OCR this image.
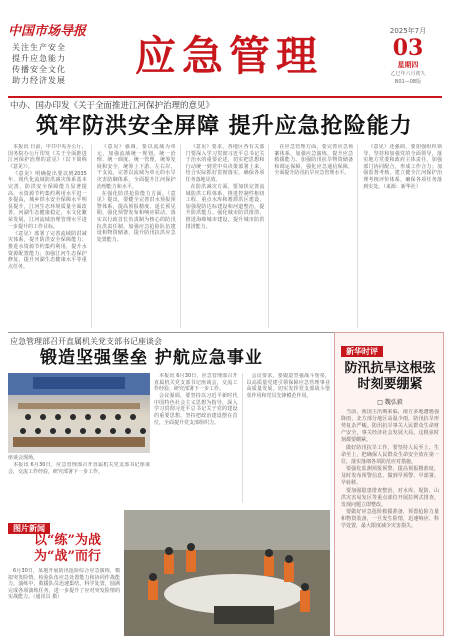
中国市场导报
关注生产安全
提升应急能力
传播安全文化
助力经济发展
应急管理
2025年7月
03
星期四
乙巳年六月初九
B01—08版
中办、国办印发《关于全面推进江河保护治理的意见》
筑牢防洪安全屏障 提升应急抢险能力

本报讯 日前，中共中央办公厅、国务院办公厅印发《关于全面推进江河保护治理的意见》（以下简称《意见》）。

《意见》明确提出要以到2035年，现代化流域防洪减灾体系基本完善，防洪安全保障能力显著提高，水资源节约集约利用水平进一步提高，城乡供水安全保障水平明显提升，江河生态环境质量全面改善，河湖生态健康稳定，水文化繁荣发展，江河流域治理管理水平进一步提升的工作目标。

《意见》部署了完善流域防洪减灾体系，提升防洪安全保障能力；推进水资源节约集约利用，提升水资源配置能力；加强江河生态保护修复，提升河湖生态健康水平等重点任务。

《意见》强调，要以流域为单元，加强流域统一规划、统一治理、统一调度、统一管理，统筹发展和安全，统筹上下游、左右岸、干支流，完善以流域为单元的水旱灾害防御体系，全面提升江河保护治理能力和水平。

在强化防洪抢险能力方面，《意见》提出，要健全完善洪水预报预警体系，提高预报精度、延长预见期，强化预警发布和响应联动，落实以行政首长负责制为核心的防汛抗洪责任制，加强应急抢险队伍建设和物资储备，提升防汛抗洪应急处置能力。

《意见》要求，各地区各有关部门要深入学习贯彻习近平总书记关于治水的重要论述，切实把思想和行动统一到党中央决策部署上来，结合实际抓好贯彻落实，确保各项任务落地见效。

在防洪减灾方面，要加快完善流域防洪工程体系，推进控制性枢纽工程、重点水库和蓄滞洪区建设，加强堤防达标建设和河道整治，提升防洪能力。强化城市防洪排涝，推进海绵城市建设，提升城市防洪排涝能力。

在应急管理方面，要完善应急预案体系，加强应急演练，提升应急救援能力。加强防汛抗旱物资储备和调运保障，强化应急通信保障，全面提升防汛抗旱应急管理水平。

《意见》还强调，要加强组织领导，坚持和加强党的全面领导，落实地方党委和政府主体责任，加强部门协同配合，形成工作合力；加强监督考核，建立健全江河保护治理考核评价体系，确保各项任务落到实处。（来源：新华社）

应急管理部召开直属机关党支部书记座谈会
锻造坚强堡垒 护航应急事业
座谈会现场。

本报讯 6月30日，应急管理部召开直属机关党支部书记座谈会，交流工作经验，研究部署下一步工作。

会议强调，要坚持以习近平新时代中国特色社会主义思想为指导，深入学习贯彻习近平总书记关于党的建设的重要思想，坚持把政治建设摆在首位，全面提升党支部组织力。

会议要求，要锻造坚强战斗堡垒，以高质量党建引领保障应急管理事业高质量发展，切实发挥党支部战斗堡垒作用和党员先锋模范作用。

本报讯 6月30日，应急管理部召开直属机关党支部书记座谈会，交流工作经验，研究部署下一步工作。

图片新闻
以“练”为战
为“战”而行

6月30日，某地开展防汛抢险综合应急演练，模拟突发险情，检验队伍应急处置能力和协同作战能力。演练中，救援队员迅速集结、科学处置，圆满完成各项演练任务，进一步提升了应对突发险情的实战能力。（通讯员 摄）

新华时评
防汛抗旱这根弦
时刻要绷紧
□ 魏弘毅

当前，我国主汛期来临，南方多地遭遇强降雨，北方部分地区高温少雨，防汛抗旱形势复杂严峻。防汛抗旱事关人民群众生命财产安全，事关经济社会发展大局，这根弦时刻都要绷紧。

做好防汛抗旱工作，要坚持人民至上、生命至上，把确保人民群众生命安全放在第一位，落实落细各项防范应对措施。

要强化监测预报预警，提高预报精准度，及时发布预警信息，做到早预警、早部署、早转移。

要加强隐患排查整治，对水库、堤防、山洪灾害易发区等重点部位开展拉网式排查，发现问题立即整改。

要做好应急抢险救援准备，预置抢险力量和物资装备，一旦发生险情，迅速响应、科学处置，最大限度减少灾害损失。
